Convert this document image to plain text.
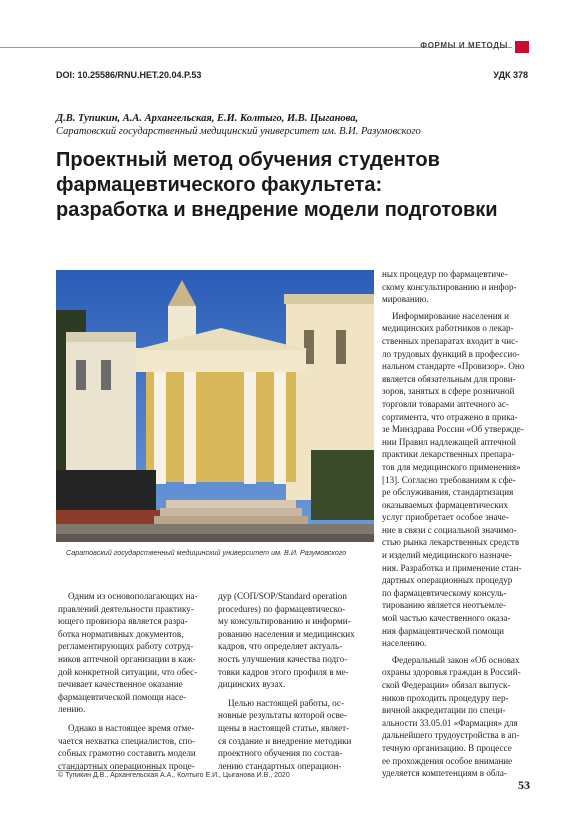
ФОРМЫ И МЕТОДЫ
DOI: 10.25586/RNU.HET.20.04.P.53	УДК 378
Д.В. Тупикин, А.А. Архангельская, Е.И. Колтыго, И.В. Цыганова,
Саратовский государственный медицинский университет им. В.И. Разумовского
Проектный метод обучения студентов
фармацевтического факультета:
разработка и внедрение модели подготовки
Саратовский государственный медицинский университет им. В.И. Разумовского
Одним из основополагающих на-
правлений деятельности практику-
ющего провизора является разра-
ботка нормативных документов,
регламентирующих работу сотруд-
ников аптечной организации в каж-
дой конкретной ситуации, что обес-
печивает качественное оказание
фармацевтической помощи насе-
лению.
Однако в настоящее время отме-
чается нехватка специалистов, спо-
собных грамотно составить модели
стандартных операционных проце-
дур (СОП/SOP/Standard operation
procedures) по фармацевтическо-
му консультированию и информи-
рованию населения и медицинских
кадров, что определяет актуаль-
ность улучшения качества подго-
товки кадров этого профиля в ме-
дицинских вузах.
Целью настоящей работы, ос-
новные результаты которой осве-
щены в настоящей статье, являет-
ся создание и внедрение методики
проектного обучения по состав-
лению стандартных операцион-
ных процедур по фармацевтиче-
скому консультированию и инфор-
мированию.
Информирование населения и
медицинских работников о лекар-
ственных препаратах входит в чис-
ло трудовых функций в профессио-
нальном стандарте «Провизор». Оно
является обязательным для прови-
зоров, занятых в сфере розничной
торговли товарами аптечного ас-
сортимента, что отражено в прика-
зе Минздрава России «Об утвержде-
нии Правил надлежащей аптечной
практики лекарственных препара-
тов для медицинского применения»
[13]. Согласно требованиям к сфе-
ре обслуживания, стандартизация
оказываемых фармацевтических
услуг приобретает особое значе-
ние в связи с социальной значимо-
стью рынка лекарственных средств
и изделий медицинского назначе-
ния. Разработка и применение стан-
дартных операционных процедур
по фармацевтическому консуль-
тированию является неотъемле-
мой частью качественного оказа-
ния фармацевтической помощи
населению.
Федеральный закон «Об основах
охраны здоровья граждан в Россий-
ской Федерации» обязал выпуск-
ников проходить процедуру пер-
вичной аккредитации по специ-
альности 33.05.01 «Фармация» для
дальнейшего трудоустройства в ап-
течную организацию. В процессе
ее прохождения особое внимание
уделяется компетенциям в обла-
© Тупикин Д.В., Архангельская А.А., Колтыго Е.И., Цыганова И.В., 2020
53
